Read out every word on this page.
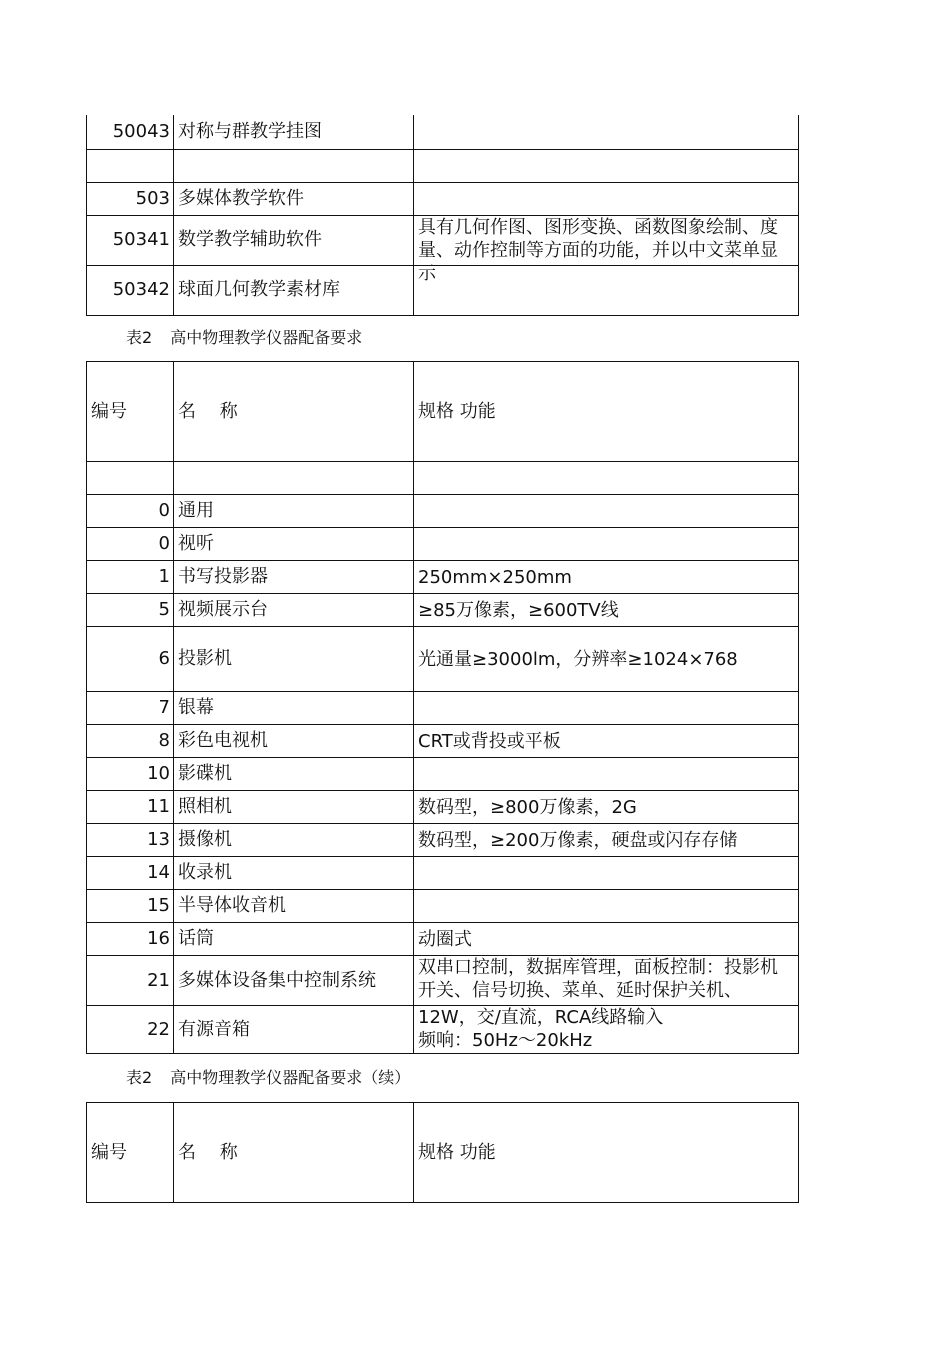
50043	对称与群教学挂图	

503	多媒体教学软件	
50341	数学教学辅助软件	具有几何作图、图形变换、函数图象绘制、度量、动作控制等方面的功能，并以中文菜单显示

50342	球面几何教学素材库	
表2 高中物理教学仪器配备要求
编号	名　 称	规格 功能

0	通用	
0	视听	
1	书写投影器	250mm×250mm
5	视频展示台	≥85万像素，≥600TV线
6	投影机	光通量≥3000lm，分辨率≥1024×768
7	银幕	
8	彩色电视机	CRT或背投或平板
10	影碟机	
11	照相机	数码型，≥800万像素，2G
13	摄像机	数码型，≥200万像素，硬盘或闪存存储
14	收录机	
15	半导体收音机	
16	话筒	动圈式
21	多媒体设备集中控制系统	双串口控制，数据库管理，面板控制：投影机开关、信号切换、菜单、延时保护关机、

22	有源音箱	12W，交/直流，RCA线路输入
频响：50Hz～20kHz
表2 高中物理教学仪器配备要求（续）
编号	名　 称	规格 功能
